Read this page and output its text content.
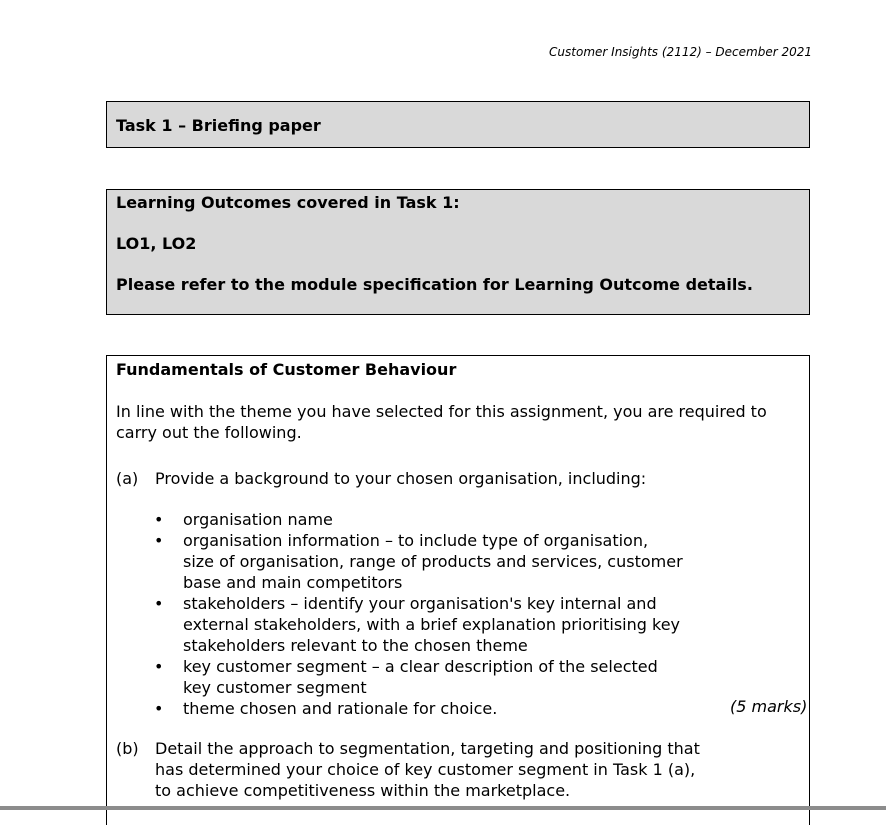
Customer Insights (2112) – December 2021
Task 1 – Briefing paper

Learning Outcomes covered in Task 1:

LO1, LO2

Please refer to the module specification for Learning Outcome details.

Fundamentals of Customer Behaviour

In line with the theme you have selected for this assignment, you are required to carry out the following.

(a) Provide a background to your chosen organisation, including:

• organisation name
• organisation information – to include type of organisation, size of organisation, range of products and services, customer base and main competitors
• stakeholders – identify your organisation's key internal and external stakeholders, with a brief explanation prioritising key stakeholders relevant to the chosen theme
• key customer segment – a clear description of the selected key customer segment
• theme chosen and rationale for choice.	(5 marks)
(b) Detail the approach to segmentation, targeting and positioning that has determined your choice of key customer segment in Task 1 (a), to achieve competitiveness within the marketplace.
